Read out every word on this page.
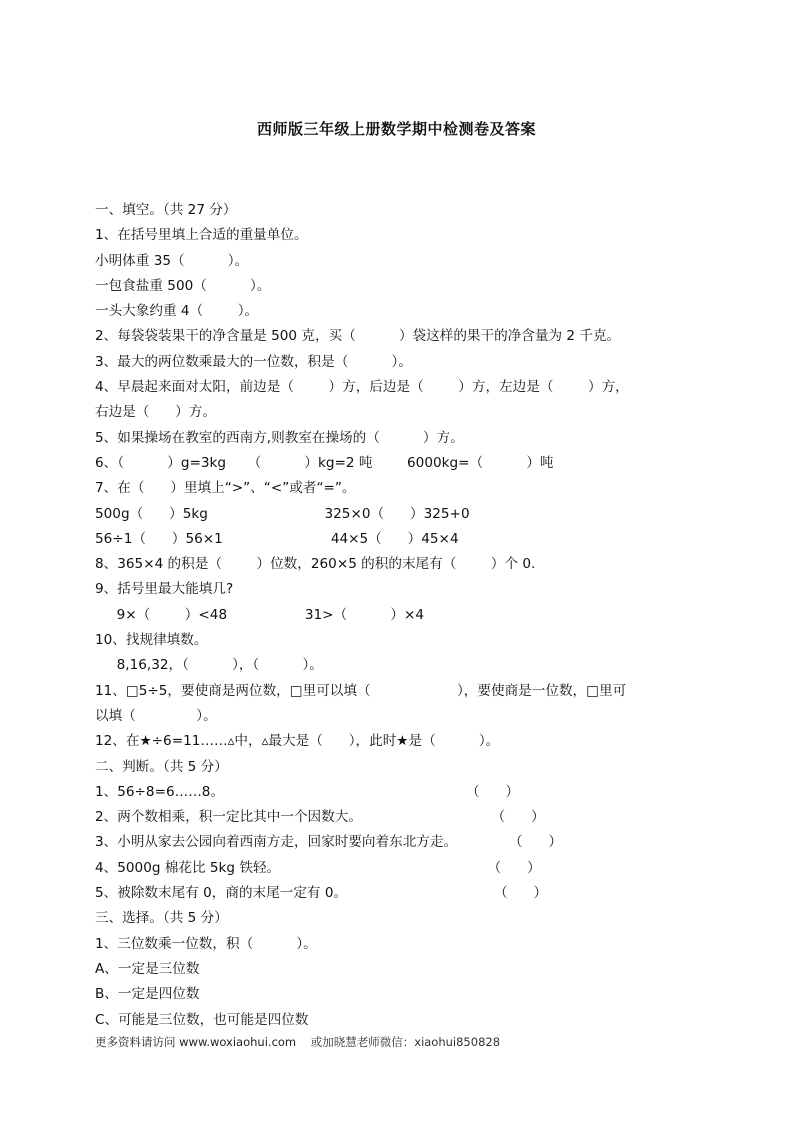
西师版三年级上册数学期中检测卷及答案
一、填空。（共 27 分）
1、在括号里填上合适的重量单位。
小明体重 35（          ）。
一包食盐重 500（          ）。
一头大象约重 4（        ）。
2、每袋袋装果干的净含量是 500 克，买（          ）袋这样的果干的净含量为 2 千克。
3、最大的两位数乘最大的一位数，积是（          ）。
4、早晨起来面对太阳，前边是（        ）方，后边是（        ）方，左边是（        ）方，
右边是（      ）方。
5、如果操场在教室的西南方,则教室在操场的（          ）方。
6、（          ）g=3kg     （          ）kg=2 吨        6000kg=（          ）吨
7、在（      ）里填上“>”、“<”或者“=”。
500g（      ）5kg                           325×0（      ）325+0
56÷1（      ）56×1                         44×5（      ）45×4
8、365×4 的积是（        ）位数，260×5 的积的末尾有（        ）个 0.
9、括号里最大能填几?
9×（        ）<48                  31>（          ）×4
10、找规律填数。
8,16,32，（          ），（          ）。
11、□5÷5，要使商是两位数，□里可以填（                    ），要使商是一位数，□里可
以填（              ）。
12、在★÷6=11……▵中，▵最大是（      ），此时★是（          ）。
二、判断。（共 5 分）
1、56÷8=6……8。                                                        （      ）
2、两个数相乘，积一定比其中一个因数大。                              （      ）
3、小明从家去公园向着西南方走，回家时要向着东北方走。            （      ）
4、5000g 棉花比 5kg 铁轻。                                                （      ）
5、被除数末尾有 0，商的末尾一定有 0。                                  （      ）
三、选择。（共 5 分）
1、三位数乘一位数，积（          ）。
A、一定是三位数
B、一定是四位数
C、可能是三位数，也可能是四位数
更多资料请访问 www.woxiaohui.com 或加晓慧老师微信：xiaohui850828
